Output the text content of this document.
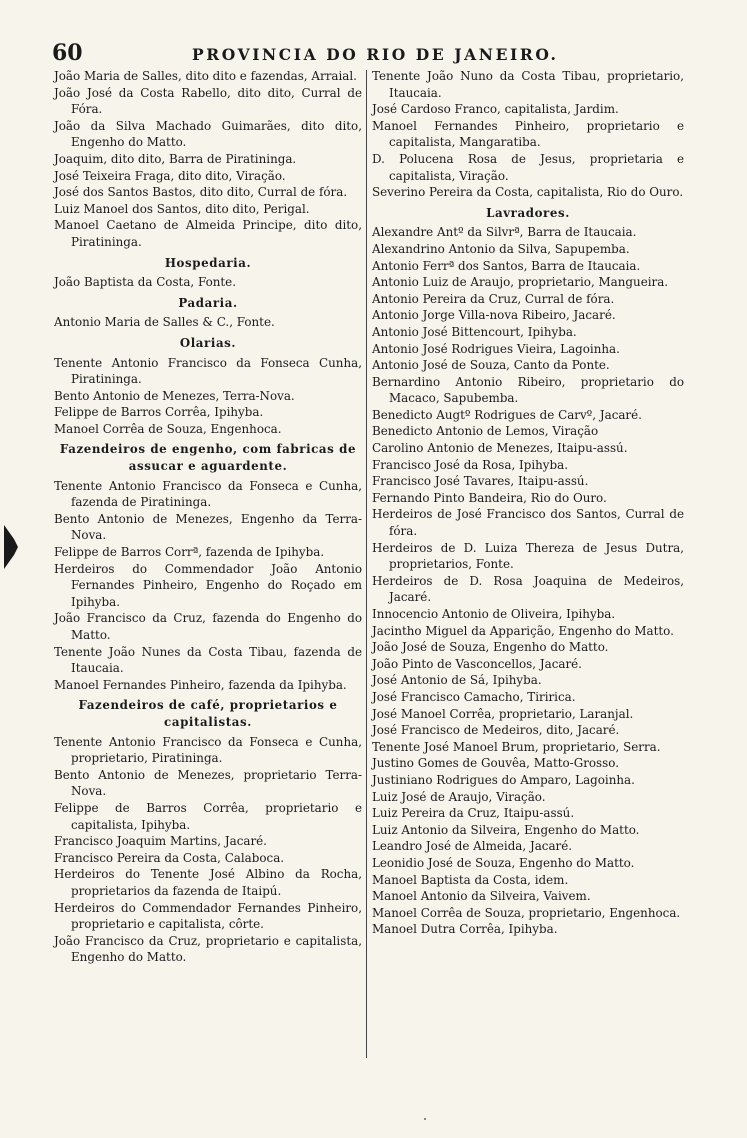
60	PROVINCIA DO RIO DE JANEIRO.
João Maria de Salles, dito dito e fazendas, Arraial.
João José da Costa Rabello, dito dito, Curral de Fóra.
João da Silva Machado Guimarães, dito dito, Engenho do Matto.
Joaquim, dito dito, Barra de Piratininga.
José Teixeira Fraga, dito dito, Viração.
José dos Santos Bastos, dito dito, Curral de fóra.
Luiz Manoel dos Santos, dito dito, Perigal.
Manoel Caetano de Almeida Principe, dito dito, Piratininga.
Hospedaria.
João Baptista da Costa, Fonte.
Padaria.
Antonio Maria de Salles & C., Fonte.
Olarias.
Tenente Antonio Francisco da Fonseca Cunha, Piratininga.
Bento Antonio de Menezes, Terra-Nova.
Felippe de Barros Corrêa, Ipihyba.
Manoel Corrêa de Souza, Engenhoca.
Fazendeiros de engenho, com fabricas de assucar e aguardente.
Tenente Antonio Francisco da Fonseca e Cunha, fazenda de Piratininga.
Bento Antonio de Menezes, Engenho da Terra-Nova.
Felippe de Barros Corrª, fazenda de Ipihyba.
Herdeiros do Commendador João Antonio Fernandes Pinheiro, Engenho do Roçado em Ipihyba.
João Francisco da Cruz, fazenda do Engenho do Matto.
Tenente João Nunes da Costa Tibau, fazenda de Itaucaia.
Manoel Fernandes Pinheiro, fazenda da Ipihyba.
Fazendeiros de café, proprietarios e capitalistas.
Tenente Antonio Francisco da Fonseca e Cunha, proprietario, Piratininga.
Bento Antonio de Menezes, proprietario Terra-Nova.
Felippe de Barros Corrêa, proprietario e capitalista, Ipihyba.
Francisco Joaquim Martins, Jacaré.
Francisco Pereira da Costa, Calaboca.
Herdeiros do Tenente José Albino da Rocha, proprietarios da fazenda de Itaipú.
Herdeiros do Commendador Fernandes Pinheiro, proprietario e capitalista, côrte.
João Francisco da Cruz, proprietario e capitalista, Engenho do Matto.
Tenente João Nuno da Costa Tibau, proprietario, Itaucaia.
José Cardoso Franco, capitalista, Jardim.
Manoel Fernandes Pinheiro, proprietario e capitalista, Mangaratiba.
D. Polucena Rosa de Jesus, proprietaria e capitalista, Viração.
Severino Pereira da Costa, capitalista, Rio do Ouro.
Lavradores.
Alexandre Antº da Silvrª, Barra de Itaucaia.
Alexandrino Antonio da Silva, Sapupemba.
Antonio Ferrª dos Santos, Barra de Itaucaia.
Antonio Luiz de Araujo, proprietario, Mangueira.
Antonio Pereira da Cruz, Curral de fóra.
Antonio Jorge Villa-nova Ribeiro, Jacaré.
Antonio José Bittencourt, Ipihyba.
Antonio José Rodrigues Vieira, Lagoinha.
Antonio José de Souza, Canto da Ponte.
Bernardino Antonio Ribeiro, proprietario do Macaco, Sapubemba.
Benedicto Augtº Rodrigues de Carvº, Jacaré.
Benedicto Antonio de Lemos, Viração
Carolino Antonio de Menezes, Itaipu-assú.
Francisco José da Rosa, Ipihyba.
Francisco José Tavares, Itaipu-assú.
Fernando Pinto Bandeira, Rio do Ouro.
Herdeiros de José Francisco dos Santos, Curral de fóra.
Herdeiros de D. Luiza Thereza de Jesus Dutra, proprietarios, Fonte.
Herdeiros de D. Rosa Joaquina de Medeiros, Jacaré.
Innocencio Antonio de Oliveira, Ipihyba.
Jacintho Miguel da Apparição, Engenho do Matto.
João José de Souza, Engenho do Matto.
João Pinto de Vasconcellos, Jacaré.
José Antonio de Sá, Ipihyba.
José Francisco Camacho, Tiririca.
José Manoel Corrêa, proprietario, Laranjal.
José Francisco de Medeiros, dito, Jacaré.
Tenente José Manoel Brum, proprietario, Serra.
Justino Gomes de Gouvêa, Matto-Grosso.
Justiniano Rodrigues do Amparo, Lagoinha.
Luiz José de Araujo, Viração.
Luiz Pereira da Cruz, Itaipu-assú.
Luiz Antonio da Silveira, Engenho do Matto.
Leandro José de Almeida, Jacaré.
Leonidio José de Souza, Engenho do Matto.
Manoel Baptista da Costa, idem.
Manoel Antonio da Silveira, Vaivem.
Manoel Corrêa de Souza, proprietario, Engenhoca.
Manoel Dutra Corrêa, Ipihyba.
